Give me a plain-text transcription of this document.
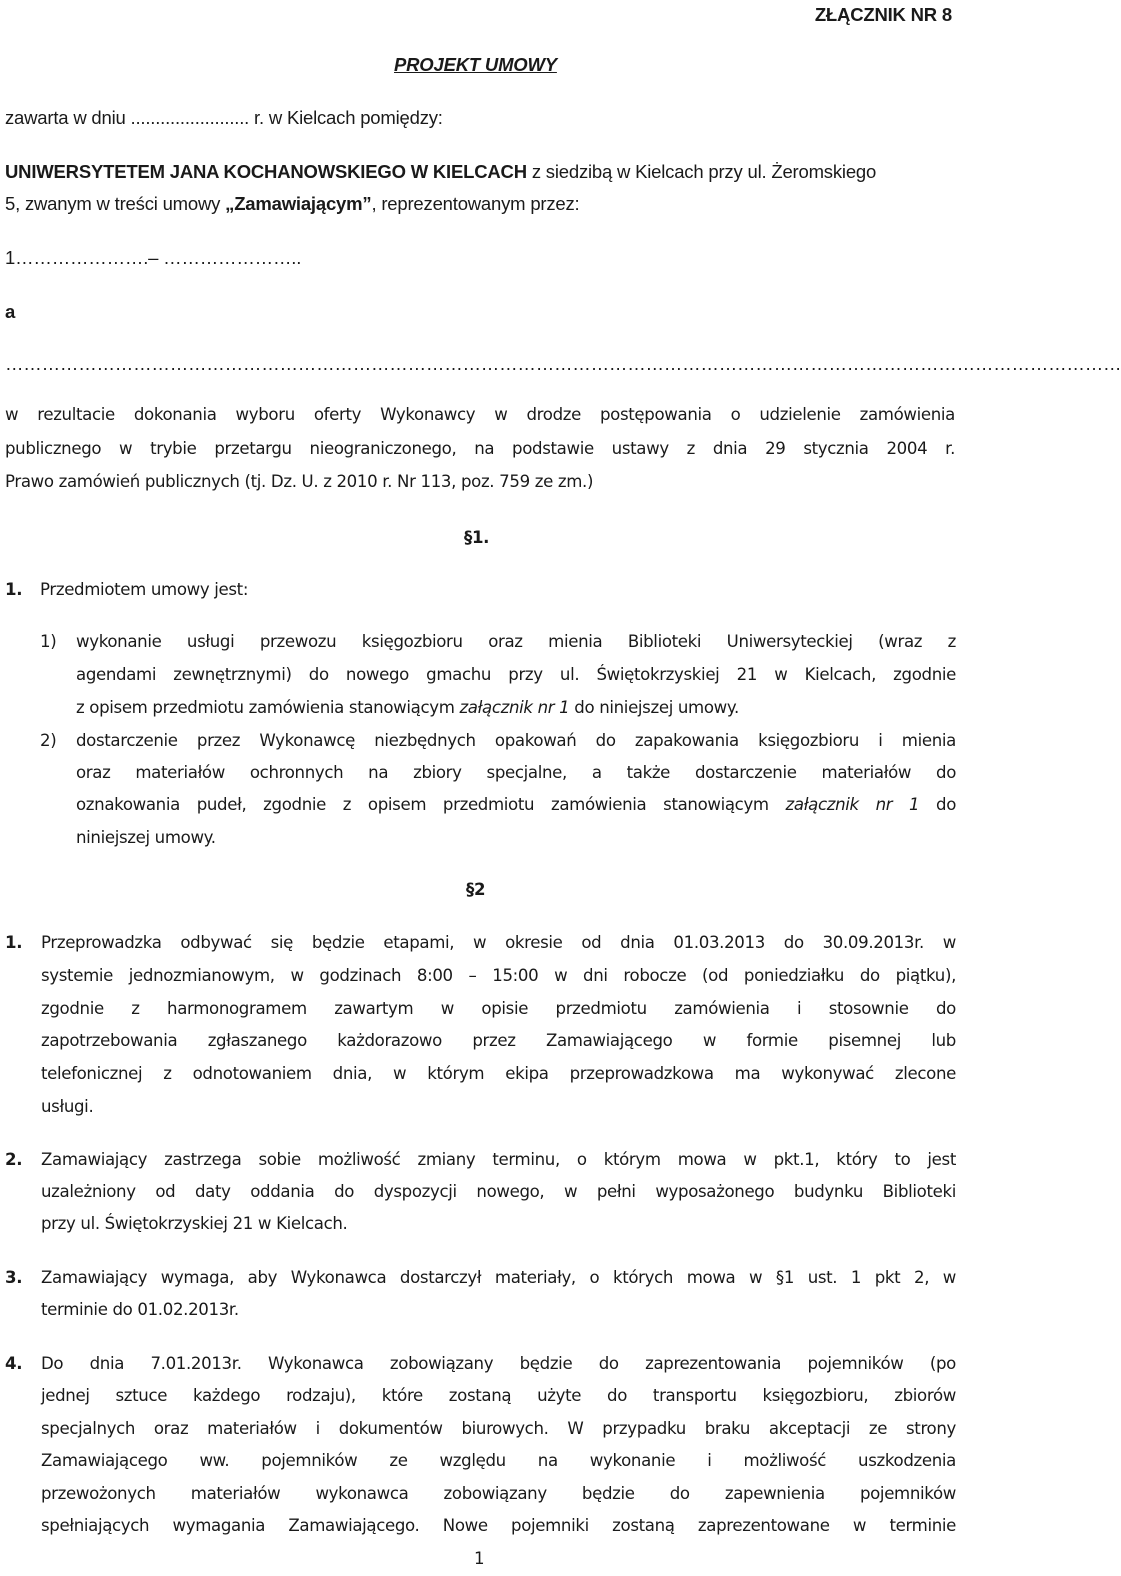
ZŁĄCZNIK NR 8
PROJEKT UMOWY
zawarta w dniu ........................ r. w Kielcach pomiędzy:
UNIWERSYTETEM JANA KOCHANOWSKIEGO W KIELCACH z siedzibą w Kielcach przy ul. Żeromskiego
5, zwanym w treści umowy „Zamawiającym”, reprezentowanym przez:
1………………….– …………………..
a
…………………………………………………………………………………………………………………………………………………………………
w rezultacie dokonania wyboru oferty Wykonawcy w drodze postępowania o udzielenie zamówienia
publicznego w trybie przetargu nieograniczonego, na podstawie ustawy z dnia 29 stycznia 2004 r.
Prawo zamówień publicznych (tj. Dz. U. z 2010 r. Nr 113, poz. 759 ze zm.)
§1.
1. Przedmiotem umowy jest:
1) wykonanie usługi przewozu księgozbioru oraz mienia Biblioteki Uniwersyteckiej (wraz z
agendami zewnętrznymi) do nowego gmachu przy ul. Świętokrzyskiej 21 w Kielcach, zgodnie
z opisem przedmiotu zamówienia stanowiącym załącznik nr 1 do niniejszej umowy.
2) dostarczenie przez Wykonawcę niezbędnych opakowań do zapakowania księgozbioru i mienia
oraz materiałów ochronnych na zbiory specjalne, a także dostarczenie materiałów do
oznakowania pudeł, zgodnie z opisem przedmiotu zamówienia stanowiącym załącznik nr 1 do
niniejszej umowy.
§2
1. Przeprowadzka odbywać się będzie etapami, w okresie od dnia 01.03.2013 do 30.09.2013r. w
systemie jednozmianowym, w godzinach 8:00 – 15:00 w dni robocze (od poniedziałku do piątku),
zgodnie z harmonogramem zawartym w opisie przedmiotu zamówienia i stosownie do
zapotrzebowania zgłaszanego każdorazowo przez Zamawiającego w formie pisemnej lub
telefonicznej z odnotowaniem dnia, w którym ekipa przeprowadzkowa ma wykonywać zlecone
usługi.
2. Zamawiający zastrzega sobie możliwość zmiany terminu, o którym mowa w pkt.1, który to jest
uzależniony od daty oddania do dyspozycji nowego, w pełni wyposażonego budynku Biblioteki
przy ul. Świętokrzyskiej 21 w Kielcach.
3. Zamawiający wymaga, aby Wykonawca dostarczył materiały, o których mowa w §1 ust. 1 pkt 2, w
terminie do 01.02.2013r.
4. Do dnia 7.01.2013r. Wykonawca zobowiązany będzie do zaprezentowania pojemników (po
jednej sztuce każdego rodzaju), które zostaną użyte do transportu księgozbioru, zbiorów
specjalnych oraz materiałów i dokumentów biurowych. W przypadku braku akceptacji ze strony
Zamawiającego ww. pojemników ze względu na wykonanie i możliwość uszkodzenia
przewożonych materiałów wykonawca zobowiązany będzie do zapewnienia pojemników
spełniających wymagania Zamawiającego. Nowe pojemniki zostaną zaprezentowane w terminie
1
